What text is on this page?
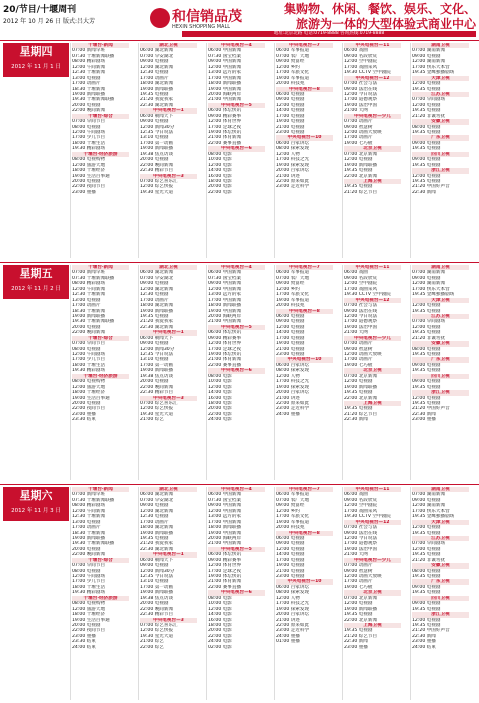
20/节目/十堰周刊
2012 年 10 月 26 日 版式:吕大芳	和信销品茂
HEXIN SHOPPING MALL
集购物、休闲、餐饮、娱乐、文化、
旅游为一体的大型体验式商业中心
地址:北京北路 电话:0719-8888 咨询热线:0719-8888
星期四
2012 年 11 月 1 日
十堰台·新闻
07:00 新闻早班
07:30 十堰新闻联播
08:00 精彩剧场
12:00 午间新闻
12:30 十堰新闻
13:00 电视剧
17:00 动画片
18:30 十堰新闻
19:00 新闻联播
19:30 十堰新闻联播
20:00 电视剧
22:00 晚间新闻
十堰台·综合
07:00 早间节目
08:00 电视剧
12:00 午间剧场
17:00 少儿节目
18:00 十堰生活
19:30 精彩剧场
十堰台·经济旅游
08:00 电视购物
12:00 旅游天地
18:00 十堰经济
19:00 生活百事通
20:00 电视剧
22:00 夜间节目
23:00 重播
湖北卫视
06:00 湖北新闻
07:00 早安湖北
09:00 电视剧
12:00 湖北新闻
12:30 电视剧
17:00 动画片
18:00 湖北新闻
19:00 新闻联播
19:35 电视剧
21:20 我爱我家
22:30 湖北新闻
中央电视台—1
06:00 朝闻天下
09:00 电视剧
12:00 新闻30分
12:35 今日说法
13:10 电视剧
17:00 第一动画
19:00 新闻联播
19:38 焦点访谈
20:00 电视剧
22:00 晚间新闻
22:30 精彩节目
中央电视台—3
07:00 综艺喜乐汇
12:00 综艺快报
19:30 星光大道
中央电视台—4
06:00 中国新闻
07:30 国宝档案
09:00 中国新闻
12:00 中国新闻
13:00 远方的家
17:00 中国新闻
18:00 新闻联播
19:00 中国新闻
20:00 海峡两岸
21:00 中国新闻
中央电视台—5
06:00 体坛快讯
09:00 精彩赛事
12:00 体育世界
17:00 足球之夜
19:00 体坛快讯
21:00 体育新闻
22:00 赛事直播
中央电视台—6
08:00 电影
10:00 电影
12:00 电影
14:00 电影
16:00 电影
18:00 电影
20:00 电影
22:00 电影
中央电视台—7
06:00 军事报道
07:00 农广天地
09:00 致富经
12:00 乡约
17:00 军旅文化
19:00 军事报道
20:00 科技苑
中央电视台—8
06:00 电视剧
09:00 电视剧
12:00 电视剧
14:00 电视剧
17:00 电视剧
19:00 电视剧
21:00 电视剧
23:00 电视剧
中央电视台—10
06:00 百家讲坛
08:00 探索发现
12:00 人物
17:00 科技之光
19:00 探索发现
20:00 百家讲坛
21:00 讲述
22:00 原来如此
23:00 走近科学
中央电视台—11
06:00 戏曲
09:00 名段欣赏
12:00 空中剧院
17:00 戏曲采风
19:30 CCTV 空中剧院
中央电视台—12
07:00 社会与法
09:00 法治在线
12:00 今日说法
17:00 道德观察
19:00 法治中国
21:00 天网
中央电视台—少儿
07:00 动画片
09:00 智慧树
12:00 动画大放映
17:00 动画片
19:00 七巧板
北京卫视
07:00 北京新闻
12:00 电视剧
19:00 新闻联播
19:35 电视剧
22:00 北京新闻
上海卫视
19:35 电视剧
21:20 综艺节目
湖南卫视
07:00 湖南新闻
09:00 电视剧
12:00 湖南新闻
17:00 快乐大本营
19:35 金鹰独播剧场
天津卫视
12:00 电视剧
19:35 电视剧
江苏卫视
07:00 早间剧场
12:00 电视剧
19:35 电视剧
21:20 非诚勿扰
安徽卫视
08:00 电视剧
19:35 电视剧
广东卫视
09:00 电视剧
19:35 电视剧
四川卫视
09:00 电视剧
19:35 电视剧
浙江卫视
12:00 电视剧
19:35 电视剧
21:20 中国好声音
22:30 新闻
星期五
2012 年 11 月 2 日
十堰台·新闻
07:00 新闻早班
07:30 十堰新闻联播
08:00 精彩剧场
12:00 午间新闻
12:30 十堰新闻
13:00 电视剧
17:00 动画片
18:30 十堰新闻
19:00 新闻联播
19:30 十堰新闻联播
20:00 电视剧
22:00 晚间新闻
十堰台·综合
07:00 早间节目
08:00 电视剧
12:00 午间剧场
17:00 少儿节目
18:00 十堰生活
19:30 精彩剧场
十堰台·经济旅游
08:00 电视购物
12:00 旅游天地
18:00 十堰经济
19:00 生活百事通
20:00 电视剧
22:00 夜间节目
23:00 重播
23:30 结束
湖北卫视
06:00 湖北新闻
07:00 早安湖北
09:00 电视剧
12:00 湖北新闻
12:30 电视剧
17:00 动画片
18:00 湖北新闻
19:00 新闻联播
19:35 电视剧
21:20 我爱我家
22:30 湖北新闻
中央电视台—1
06:00 朝闻天下
09:00 电视剧
12:00 新闻30分
12:35 今日说法
13:10 电视剧
17:00 第一动画
19:00 新闻联播
19:38 焦点访谈
20:00 电视剧
22:00 晚间新闻
22:30 精彩节目
中央电视台—3
07:00 综艺喜乐汇
12:00 综艺快报
19:30 星光大道
21:00 综艺
中央电视台—4
06:00 中国新闻
07:30 国宝档案
09:00 中国新闻
12:00 中国新闻
13:00 远方的家
17:00 中国新闻
18:00 新闻联播
19:00 中国新闻
20:00 海峡两岸
21:00 中国新闻
中央电视台—5
06:00 体坛快讯
09:00 精彩赛事
12:00 体育世界
17:00 足球之夜
19:00 体坛快讯
21:00 体育新闻
22:00 赛事直播
中央电视台—6
08:00 电影
10:00 电影
12:00 电影
14:00 电影
16:00 电影
18:00 电影
20:00 电影
22:00 电影
24:00 电影
中央电视台—7
06:00 军事报道
07:00 农广天地
09:00 致富经
12:00 乡约
17:00 军旅文化
19:00 军事报道
20:00 科技苑
中央电视台—8
06:00 电视剧
09:00 电视剧
12:00 电视剧
14:00 电视剧
17:00 电视剧
19:00 电视剧
21:00 电视剧
23:00 电视剧
中央电视台—10
06:00 百家讲坛
08:00 探索发现
12:00 人物
17:00 科技之光
19:00 探索发现
20:00 百家讲坛
21:00 讲述
22:00 原来如此
23:00 走近科学
24:00 重播
中央电视台—11
06:00 戏曲
09:00 名段欣赏
12:00 空中剧院
17:00 戏曲采风
19:30 CCTV 空中剧院
中央电视台—12
07:00 社会与法
09:00 法治在线
12:00 今日说法
17:00 道德观察
19:00 法治中国
21:00 天网
中央电视台—少儿
07:00 动画片
09:00 智慧树
12:00 动画大放映
17:00 动画片
19:00 七巧板
北京卫视
07:00 北京新闻
12:00 电视剧
19:00 新闻联播
19:35 电视剧
22:00 北京新闻
上海卫视
19:35 电视剧
21:20 综艺节目
22:30 新闻
湖南卫视
07:00 湖南新闻
09:00 电视剧
12:00 湖南新闻
17:00 快乐大本营
19:35 金鹰独播剧场
天津卫视
12:00 电视剧
19:35 电视剧
江苏卫视
07:00 早间剧场
12:00 电视剧
19:35 电视剧
21:20 非诚勿扰
安徽卫视
08:00 电视剧
19:35 电视剧
广东卫视
09:00 电视剧
19:35 电视剧
四川卫视
09:00 电视剧
19:35 电视剧
浙江卫视
12:00 电视剧
19:35 电视剧
21:20 中国好声音
22:30 新闻
23:00 重播
星期六
2012 年 11 月 3 日
十堰台·新闻
07:00 新闻早班
07:30 十堰新闻联播
08:00 精彩剧场
12:00 午间新闻
12:30 十堰新闻
13:00 电视剧
17:00 动画片
18:30 十堰新闻
19:00 新闻联播
19:30 十堰新闻联播
20:00 电视剧
22:00 晚间新闻
十堰台·综合
07:00 早间节目
08:00 电视剧
12:00 午间剧场
17:00 少儿节目
18:00 十堰生活
19:30 精彩剧场
十堰台·经济旅游
08:00 电视购物
12:00 旅游天地
18:00 十堰经济
19:00 生活百事通
20:00 电视剧
22:00 夜间节目
23:00 重播
23:30 结束
24:00 结束
湖北卫视
06:00 湖北新闻
07:00 早安湖北
09:00 电视剧
12:00 湖北新闻
12:30 电视剧
17:00 动画片
18:00 湖北新闻
19:00 新闻联播
19:35 电视剧
21:20 我爱我家
22:30 湖北新闻
中央电视台—1
06:00 朝闻天下
09:00 电视剧
12:00 新闻30分
12:35 今日说法
13:10 电视剧
17:00 第一动画
19:00 新闻联播
19:38 焦点访谈
20:00 电视剧
22:00 晚间新闻
22:30 精彩节目
中央电视台—3
07:00 综艺喜乐汇
12:00 综艺快报
19:30 星光大道
21:00 综艺
22:00 综艺
中央电视台—4
06:00 中国新闻
07:30 国宝档案
09:00 中国新闻
12:00 中国新闻
13:00 远方的家
17:00 中国新闻
18:00 新闻联播
19:00 中国新闻
20:00 海峡两岸
21:00 中国新闻
中央电视台—5
06:00 体坛快讯
09:00 精彩赛事
12:00 体育世界
17:00 足球之夜
19:00 体坛快讯
21:00 体育新闻
22:00 赛事直播
中央电视台—6
08:00 电影
10:00 电影
12:00 电影
14:00 电影
16:00 电影
18:00 电影
20:00 电影
22:00 电影
24:00 电影
02:00 电影
中央电视台—7
06:00 军事报道
07:00 农广天地
09:00 致富经
12:00 乡约
17:00 军旅文化
19:00 军事报道
20:00 科技苑
中央电视台—8
06:00 电视剧
09:00 电视剧
12:00 电视剧
14:00 电视剧
17:00 电视剧
19:00 电视剧
21:00 电视剧
23:00 电视剧
中央电视台—10
06:00 百家讲坛
08:00 探索发现
12:00 人物
17:00 科技之光
19:00 探索发现
20:00 百家讲坛
21:00 讲述
22:00 原来如此
23:00 走近科学
24:00 重播
01:00 重播
中央电视台—11
06:00 戏曲
09:00 名段欣赏
12:00 空中剧院
17:00 戏曲采风
19:30 CCTV 空中剧院
中央电视台—12
07:00 社会与法
09:00 法治在线
12:00 今日说法
17:00 道德观察
19:00 法治中国
21:00 天网
中央电视台—少儿
07:00 动画片
09:00 智慧树
12:00 动画大放映
17:00 动画片
19:00 七巧板
北京卫视
07:00 北京新闻
12:00 电视剧
19:00 新闻联播
19:35 电视剧
22:00 北京新闻
上海卫视
19:35 电视剧
21:20 综艺节目
22:30 新闻
23:00 重播
湖南卫视
07:00 湖南新闻
09:00 电视剧
12:00 湖南新闻
17:00 快乐大本营
19:35 金鹰独播剧场
天津卫视
12:00 电视剧
19:35 电视剧
江苏卫视
07:00 早间剧场
12:00 电视剧
19:35 电视剧
21:20 非诚勿扰
安徽卫视
08:00 电视剧
19:35 电视剧
广东卫视
09:00 电视剧
19:35 电视剧
四川卫视
09:00 电视剧
19:35 电视剧
浙江卫视
12:00 电视剧
19:35 电视剧
21:20 中国好声音
22:30 新闻
23:00 重播
24:00 结束
